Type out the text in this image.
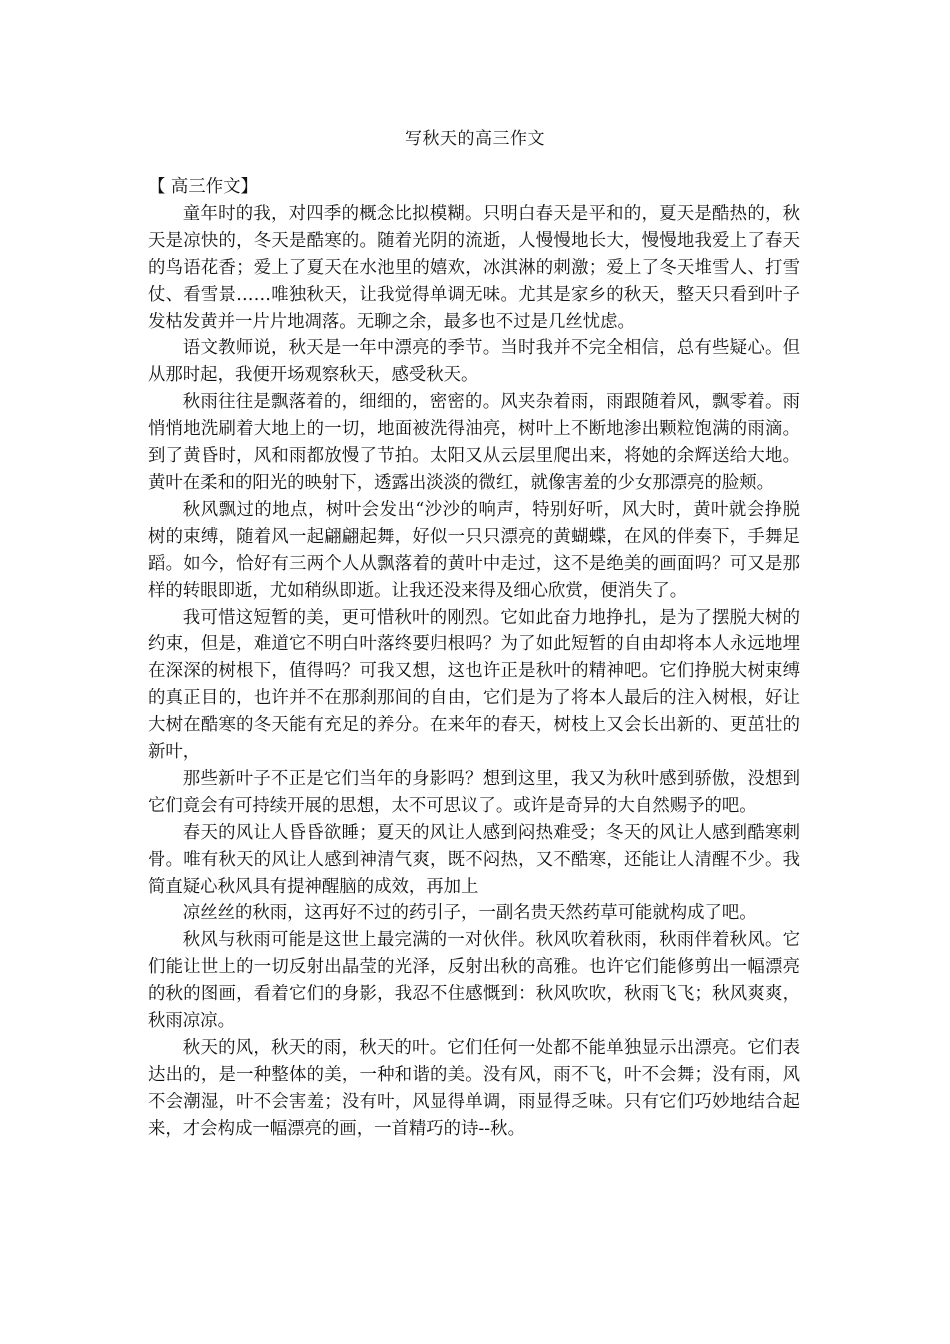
写秋天的高三作文

【 高三作文】

童年时的我，对四季的概念比拟模糊。只明白春天是平和的，夏天是酷热的，秋天是凉快的，冬天是酷寒的。随着光阴的流逝，人慢慢地长大，慢慢地我爱上了春天的鸟语花香；爱上了夏天在水池里的嬉欢，冰淇淋的刺激；爱上了冬天堆雪人、打雪仗、看雪景……唯独秋天，让我觉得单调无味。尤其是家乡的秋天，整天只看到叶子发枯发黄并一片片地凋落。无聊之余，最多也不过是几丝忧虑。

语文教师说，秋天是一年中漂亮的季节。当时我并不完全相信，总有些疑心。但从那时起，我便开场观察秋天，感受秋天。

秋雨往往是飘落着的，细细的，密密的。风夹杂着雨，雨跟随着风，飘零着。雨悄悄地洗刷着大地上的一切，地面被洗得油亮，树叶上不断地渗出颗粒饱满的雨滴。到了黄昏时，风和雨都放慢了节拍。太阳又从云层里爬出来，将她的余辉送给大地。黄叶在柔和的阳光的映射下，透露出淡淡的微红，就像害羞的少女那漂亮的脸颊。

秋风飘过的地点，树叶会发出“沙沙的响声，特别好听，风大时，黄叶就会挣脱树的束缚，随着风一起翩翩起舞，好似一只只漂亮的黄蝴蝶，在风的伴奏下，手舞足蹈。如今，恰好有三两个人从飘落着的黄叶中走过，这不是绝美的画面吗？可又是那样的转眼即逝，尤如稍纵即逝。让我还没来得及细心欣赏，便消失了。

我可惜这短暂的美，更可惜秋叶的刚烈。它如此奋力地挣扎，是为了摆脱大树的约束，但是，难道它不明白叶落终要归根吗？为了如此短暂的自由却将本人永远地埋在深深的树根下，值得吗？可我又想，这也许正是秋叶的精神吧。它们挣脱大树束缚的真正目的，也许并不在那刹那间的自由，它们是为了将本人最后的注入树根，好让大树在酷寒的冬天能有充足的养分。在来年的春天，树枝上又会长出新的、更茁壮的新叶，

那些新叶子不正是它们当年的身影吗？想到这里，我又为秋叶感到骄傲，没想到它们竟会有可持续开展的思想，太不可思议了。或许是奇异的大自然赐予的吧。

春天的风让人昏昏欲睡；夏天的风让人感到闷热难受；冬天的风让人感到酷寒刺骨。唯有秋天的风让人感到神清气爽，既不闷热，又不酷寒，还能让人清醒不少。我简直疑心秋风具有提神醒脑的成效，再加上

凉丝丝的秋雨，这再好不过的药引子，一副名贵天然药草可能就构成了吧。

秋风与秋雨可能是这世上最完满的一对伙伴。秋风吹着秋雨，秋雨伴着秋风。它们能让世上的一切反射出晶莹的光泽，反射出秋的高雅。也许它们能修剪出一幅漂亮的秋的图画，看着它们的身影，我忍不住感慨到：秋风吹吹，秋雨飞飞；秋风爽爽，秋雨凉凉。

秋天的风，秋天的雨，秋天的叶。它们任何一处都不能单独显示出漂亮。它们表达出的，是一种整体的美，一种和谐的美。没有风，雨不飞，叶不会舞；没有雨，风不会潮湿，叶不会害羞；没有叶，风显得单调，雨显得乏味。只有它们巧妙地结合起来，才会构成一幅漂亮的画，一首精巧的诗--秋。
